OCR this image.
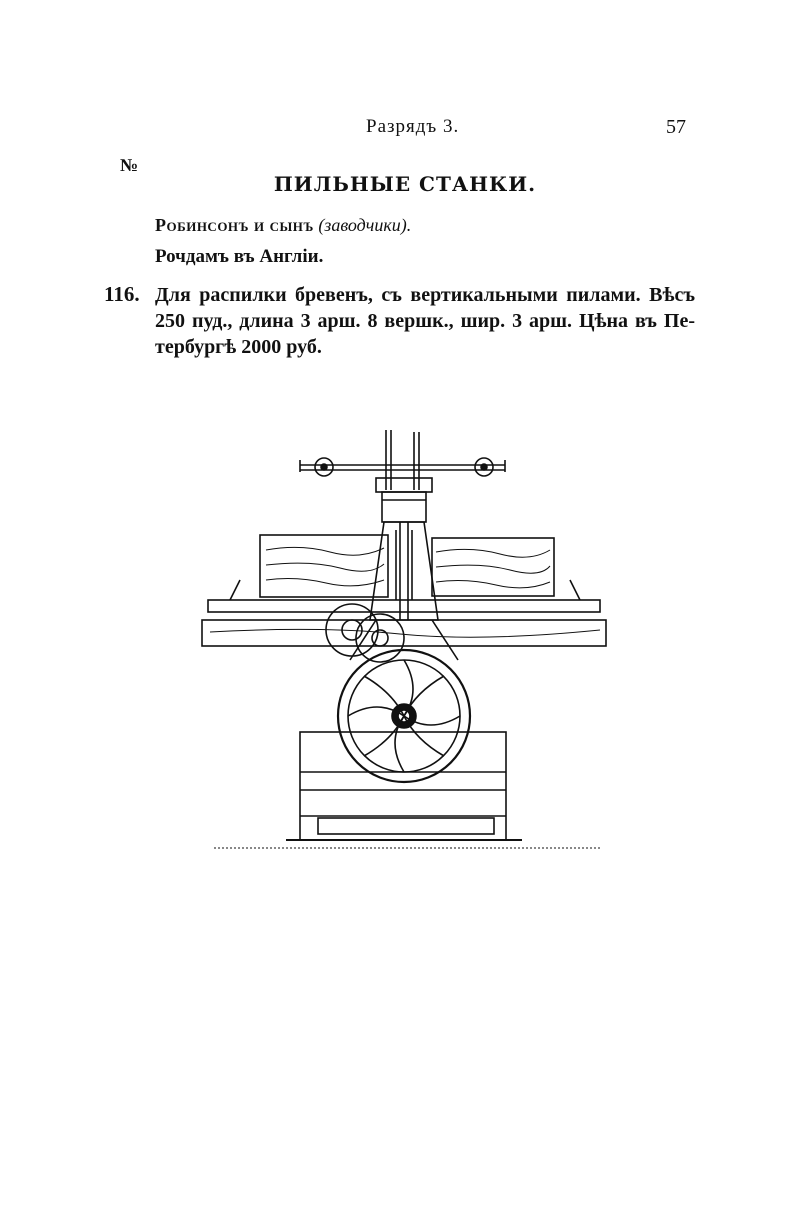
Разрядъ 3.	57
№
ПИЛЬНЫЕ СТАНКИ.
Робинсонъ и сынъ (заводчики).
Рочдамъ въ Англіи.
116. Для распилки бревенъ, съ вертикальными пилами. Вѣсъ
250 пуд., длина 3 арш. 8 вершк., шир. 3 арш. Цѣна въ Пе-
тербургѣ 2000 руб.
